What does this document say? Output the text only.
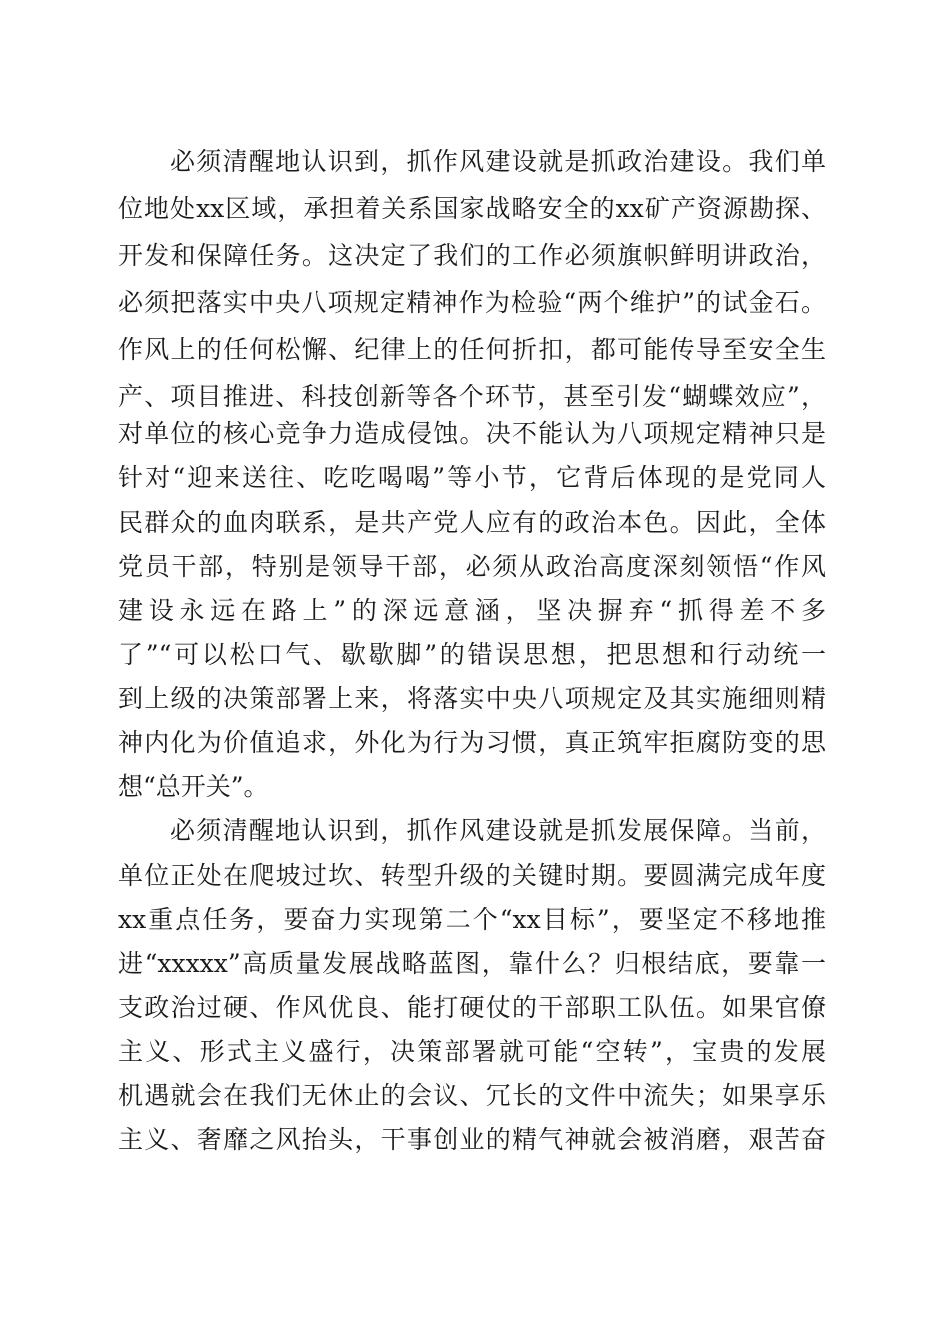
必须清醒地认识到，抓作风建设就是抓政治建设。我们单
位地处xx区域，承担着关系国家战略安全的xx矿产资源勘探、
开发和保障任务。这决定了我们的工作必须旗帜鲜明讲政治，
必须把落实中央八项规定精神作为检验“两个维护”的试金石。
作风上的任何松懈、纪律上的任何折扣，都可能传导至安全生
产、项目推进、科技创新等各个环节，甚至引发“蝴蝶效应”，
对单位的核心竞争力造成侵蚀。决不能认为八项规定精神只是
针对“迎来送往、吃吃喝喝”等小节，它背后体现的是党同人
民群众的血肉联系，是共产党人应有的政治本色。因此，全体
党员干部，特别是领导干部，必须从政治高度深刻领悟“作风
建设永远在路上”的深远意涵，坚决摒弃“抓得差不多
了”“可以松口气、歇歇脚”的错误思想，把思想和行动统一
到上级的决策部署上来，将落实中央八项规定及其实施细则精
神内化为价值追求，外化为行为习惯，真正筑牢拒腐防变的思
想“总开关”。
必须清醒地认识到，抓作风建设就是抓发展保障。当前，
单位正处在爬坡过坎、转型升级的关键时期。要圆满完成年度
xx重点任务，要奋力实现第二个“xx目标”，要坚定不移地推
进“xxxxx”高质量发展战略蓝图，靠什么？归根结底，要靠一
支政治过硬、作风优良、能打硬仗的干部职工队伍。如果官僚
主义、形式主义盛行，决策部署就可能“空转”，宝贵的发展
机遇就会在我们无休止的会议、冗长的文件中流失；如果享乐
主义、奢靡之风抬头，干事创业的精气神就会被消磨，艰苦奋
